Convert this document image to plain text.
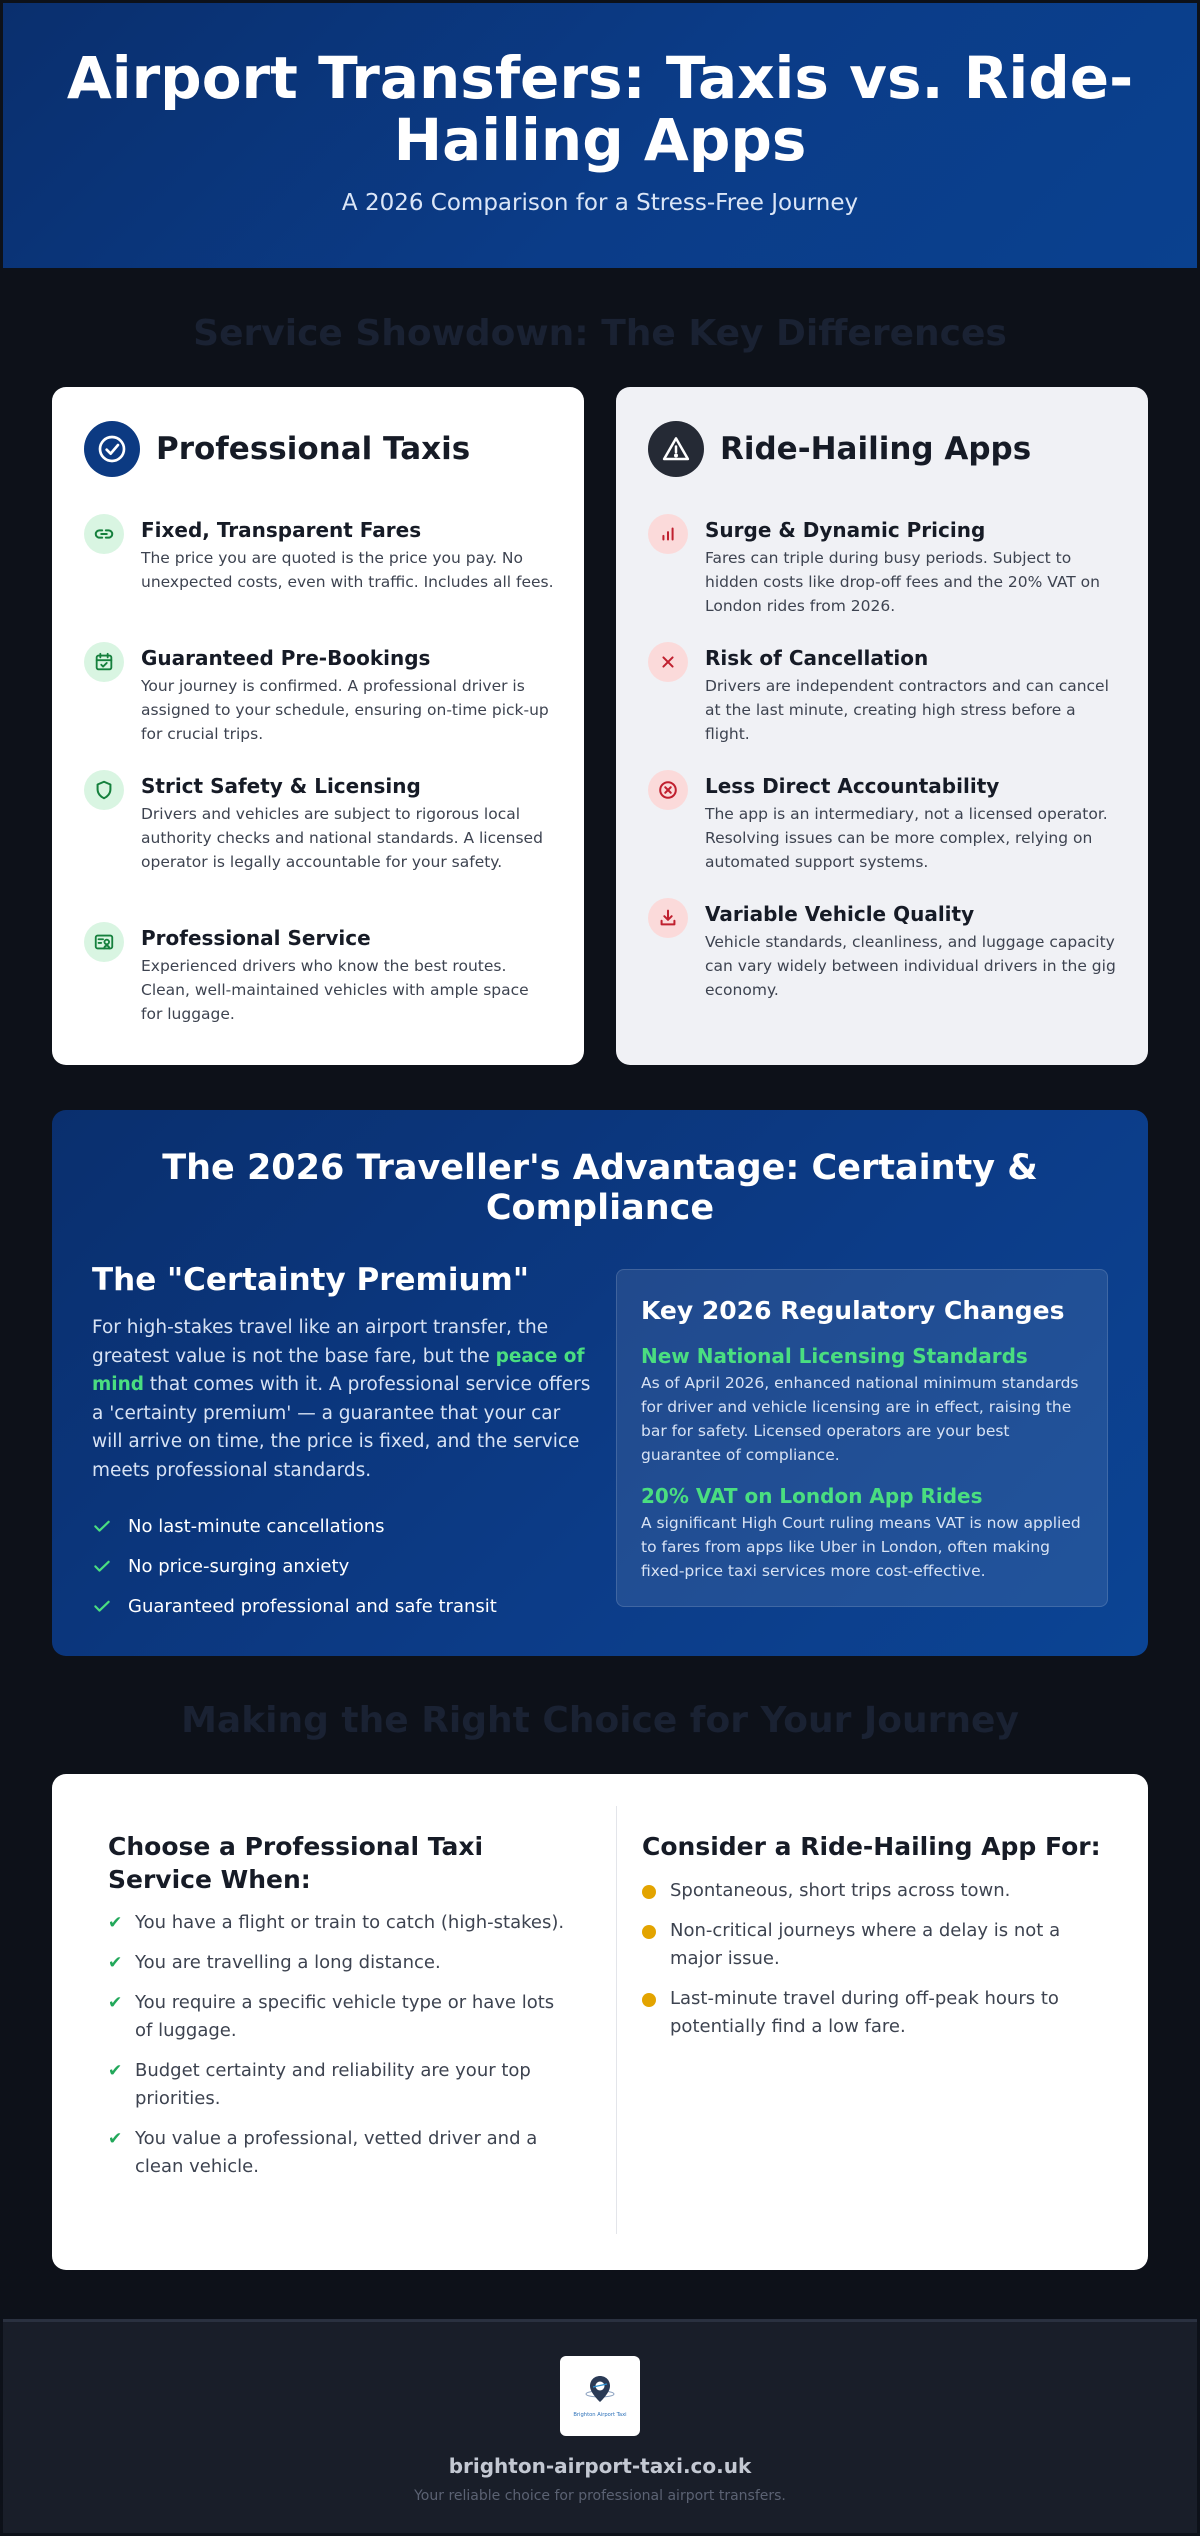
Airport Transfers: Taxis vs. Ride-Hailing Apps

A 2026 Comparison for a Stress-Free Journey

Service Showdown: The Key Differences
Professional Taxis
Fixed, Transparent Fares
The price you are quoted is the price you pay. No unexpected costs, even with traffic. Includes all fees.
Guaranteed Pre-Bookings
Your journey is confirmed. A professional driver is assigned to your schedule, ensuring on-time pick-up for crucial trips.
Strict Safety & Licensing
Drivers and vehicles are subject to rigorous local authority checks and national standards. A licensed operator is legally accountable for your safety.
Professional Service
Experienced drivers who know the best routes. Clean, well-maintained vehicles with ample space for luggage.
Ride-Hailing Apps
Surge & Dynamic Pricing
Fares can triple during busy periods. Subject to hidden costs like drop-off fees and the 20% VAT on London rides from 2026.
Risk of Cancellation
Drivers are independent contractors and can cancel at the last minute, creating high stress before a flight.
Less Direct Accountability
The app is an intermediary, not a licensed operator. Resolving issues can be more complex, relying on automated support systems.
Variable Vehicle Quality
Vehicle standards, cleanliness, and luggage capacity can vary widely between individual drivers in the gig economy.
The 2026 Traveller's Advantage: Certainty & Compliance
The "Certainty Premium"

For high-stakes travel like an airport transfer, the greatest value is not the base fare, but the peace of mind that comes with it. A professional service offers a 'certainty premium' — a guarantee that your car will arrive on time, the price is fixed, and the service meets professional standards.

No last-minute cancellations
No price-surging anxiety
Guaranteed professional and safe transit
Key 2026 Regulatory Changes
New National Licensing Standards
As of April 2026, enhanced national minimum standards for driver and vehicle licensing are in effect, raising the bar for safety. Licensed operators are your best guarantee of compliance.
20% VAT on London App Rides
A significant High Court ruling means VAT is now applied to fares from apps like Uber in London, often making fixed-price taxi services more cost-effective.
Making the Right Choice for Your Journey
Choose a Professional Taxi Service When:
✔ You have a flight or train to catch (high-stakes).
✔ You are travelling a long distance.
✔ You require a specific vehicle type or have lots of luggage.
✔ Budget certainty and reliability are your top priorities.
✔ You value a professional, vetted driver and a clean vehicle.
Consider a Ride-Hailing App For:
Spontaneous, short trips across town.
Non-critical journeys where a delay is not a major issue.
Last-minute travel during off-peak hours to potentially find a low fare.
Brighton Airport Taxi
brighton-airport-taxi.co.uk
Your reliable choice for professional airport transfers.
